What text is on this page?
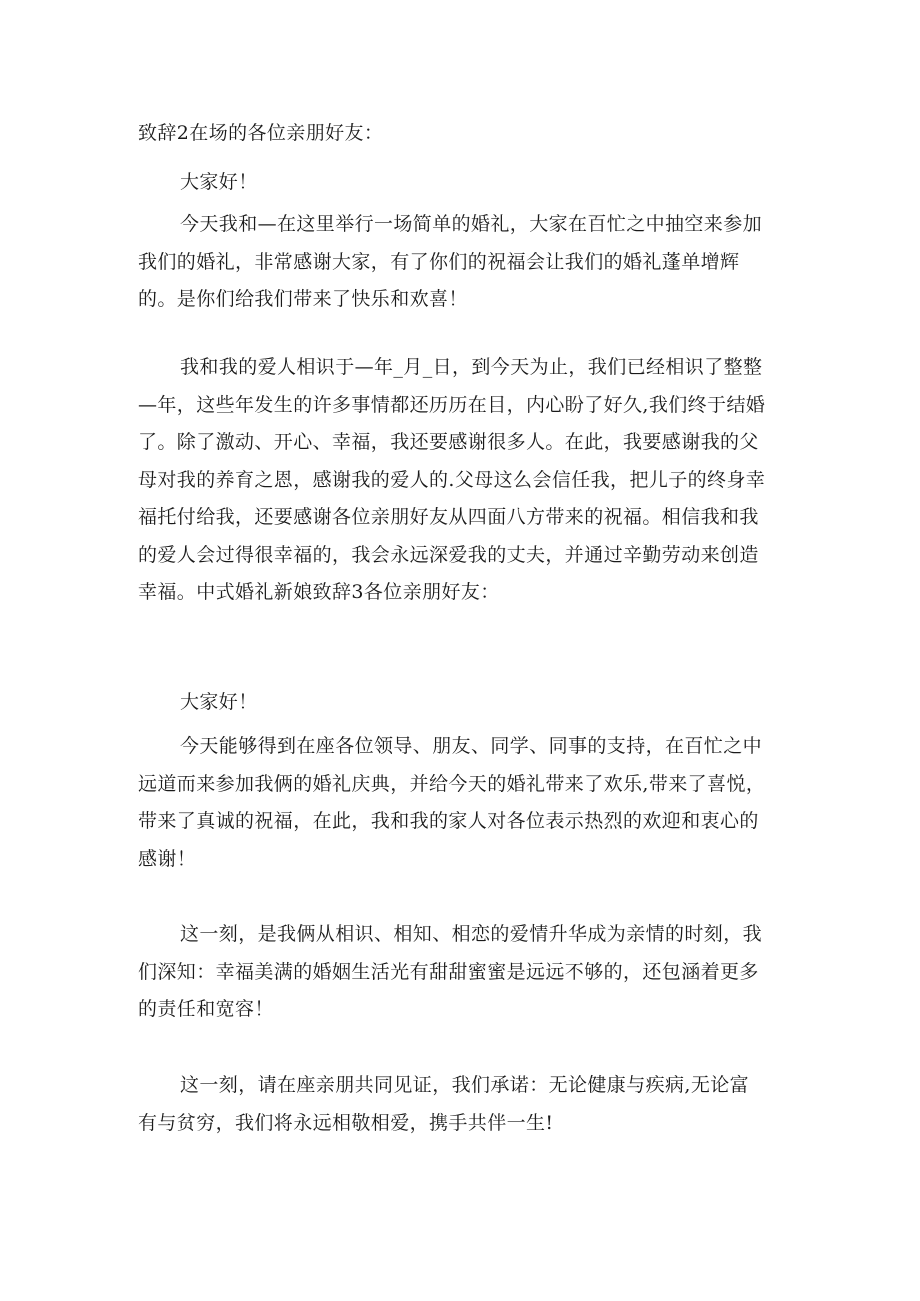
致辞2在场的各位亲朋好友：

大家好！

今天我和—在这里举行一场简单的婚礼，大家在百忙之中抽空来参加
我们的婚礼，非常感谢大家，有了你们的祝福会让我们的婚礼蓬单增辉
的。是你们给我们带来了快乐和欢喜！

我和我的爱人相识于—年_月_日，到今天为止，我们已经相识了整整
—年，这些年发生的许多事情都还历历在目，内心盼了好久,我们终于结婚
了。除了激动、开心、幸福，我还要感谢很多人。在此，我要感谢我的父
母对我的养育之恩，感谢我的爱人的.父母这么会信任我，把儿子的终身幸
福托付给我，还要感谢各位亲朋好友从四面八方带来的祝福。相信我和我
的爱人会过得很幸福的，我会永远深爱我的丈夫，并通过辛勤劳动来创造
幸福。中式婚礼新娘致辞3各位亲朋好友：

大家好！

今天能够得到在座各位领导、朋友、同学、同事的支持，在百忙之中
远道而来参加我俩的婚礼庆典，并给今天的婚礼带来了欢乐,带来了喜悦，
带来了真诚的祝福，在此，我和我的家人对各位表示热烈的欢迎和衷心的
感谢！

这一刻，是我俩从相识、相知、相恋的爱情升华成为亲情的时刻，我
们深知：幸福美满的婚姻生活光有甜甜蜜蜜是远远不够的，还包涵着更多
的责任和宽容！

这一刻，请在座亲朋共同见证，我们承诺：无论健康与疾病,无论富
有与贫穷，我们将永远相敬相爱，携手共伴一生!
